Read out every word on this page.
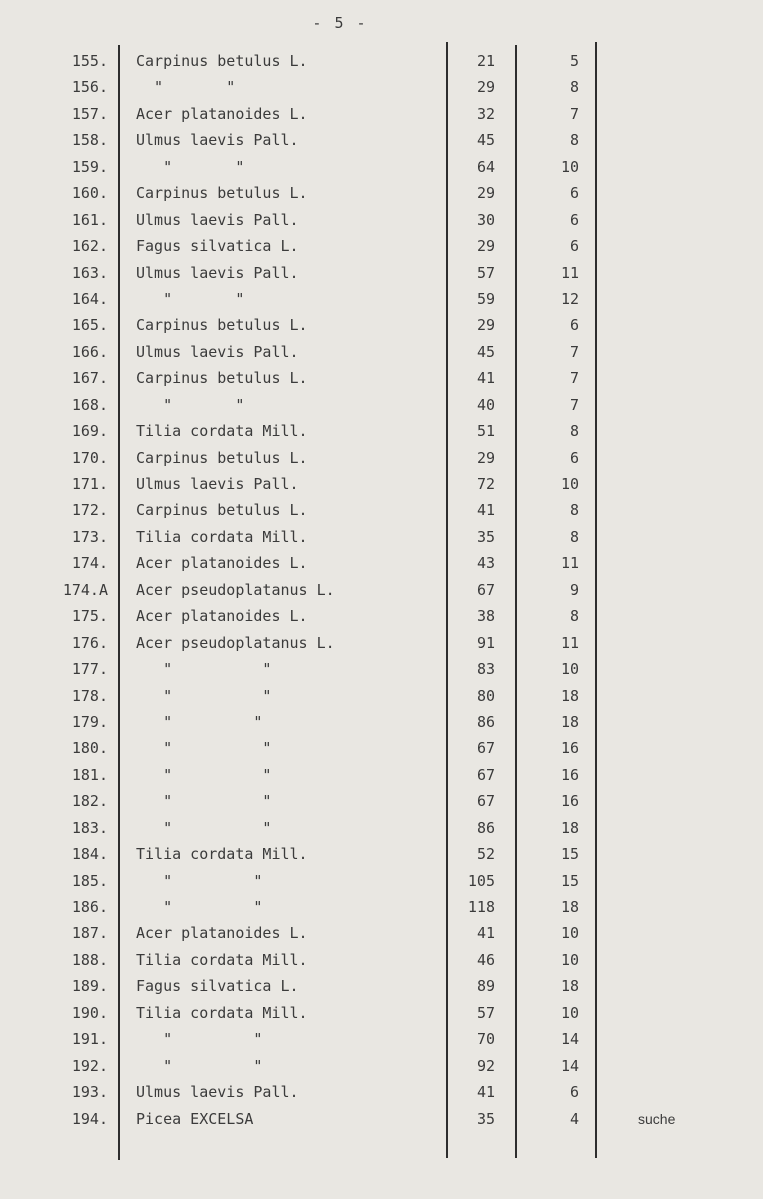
- 5 -
155. Carpinus betulus L.	21	5
156. "       "	29	8
157. Acer platanoides L.	32	7
158. Ulmus laevis Pall.	45	8
159. "       "	64	10
160. Carpinus betulus L.	29	6
161. Ulmus laevis Pall.	30	6
162. Fagus silvatica L.	29	6
163. Ulmus laevis Pall.	57	11
164. "       "	59	12
165. Carpinus betulus L.	29	6
166. Ulmus laevis Pall.	45	7
167. Carpinus betulus L.	41	7
168. "       "	40	7
169. Tilia cordata Mill.	51	8
170. Carpinus betulus L.	29	6
171. Ulmus laevis Pall.	72	10
172. Carpinus betulus L.	41	8
173. Tilia cordata Mill.	35	8
174. Acer platanoides L.	43	11
174.A Acer pseudoplatanus L.	67	9
175. Acer platanoides L.	38	8
176. Acer pseudoplatanus L.	91	11
177. "          "	83	10
178. "          "	80	18
179. "         "	86	18
180. "          "	67	16
181. "          "	67	16
182. "          "	67	16
183. "          "	86	18
184. Tilia cordata Mill.	52	15
185. "         "	105	15
186. "         "	118	18
187. Acer platanoides L.	41	10
188. Tilia cordata Mill.	46	10
189. Fagus silvatica L.	89	18
190. Tilia cordata Mill.	57	10
191. "         "	70	14
192. "         "	92	14
193. Ulmus laevis Pall.	41	6
194. Picea EXCELSA	35	4	suche
